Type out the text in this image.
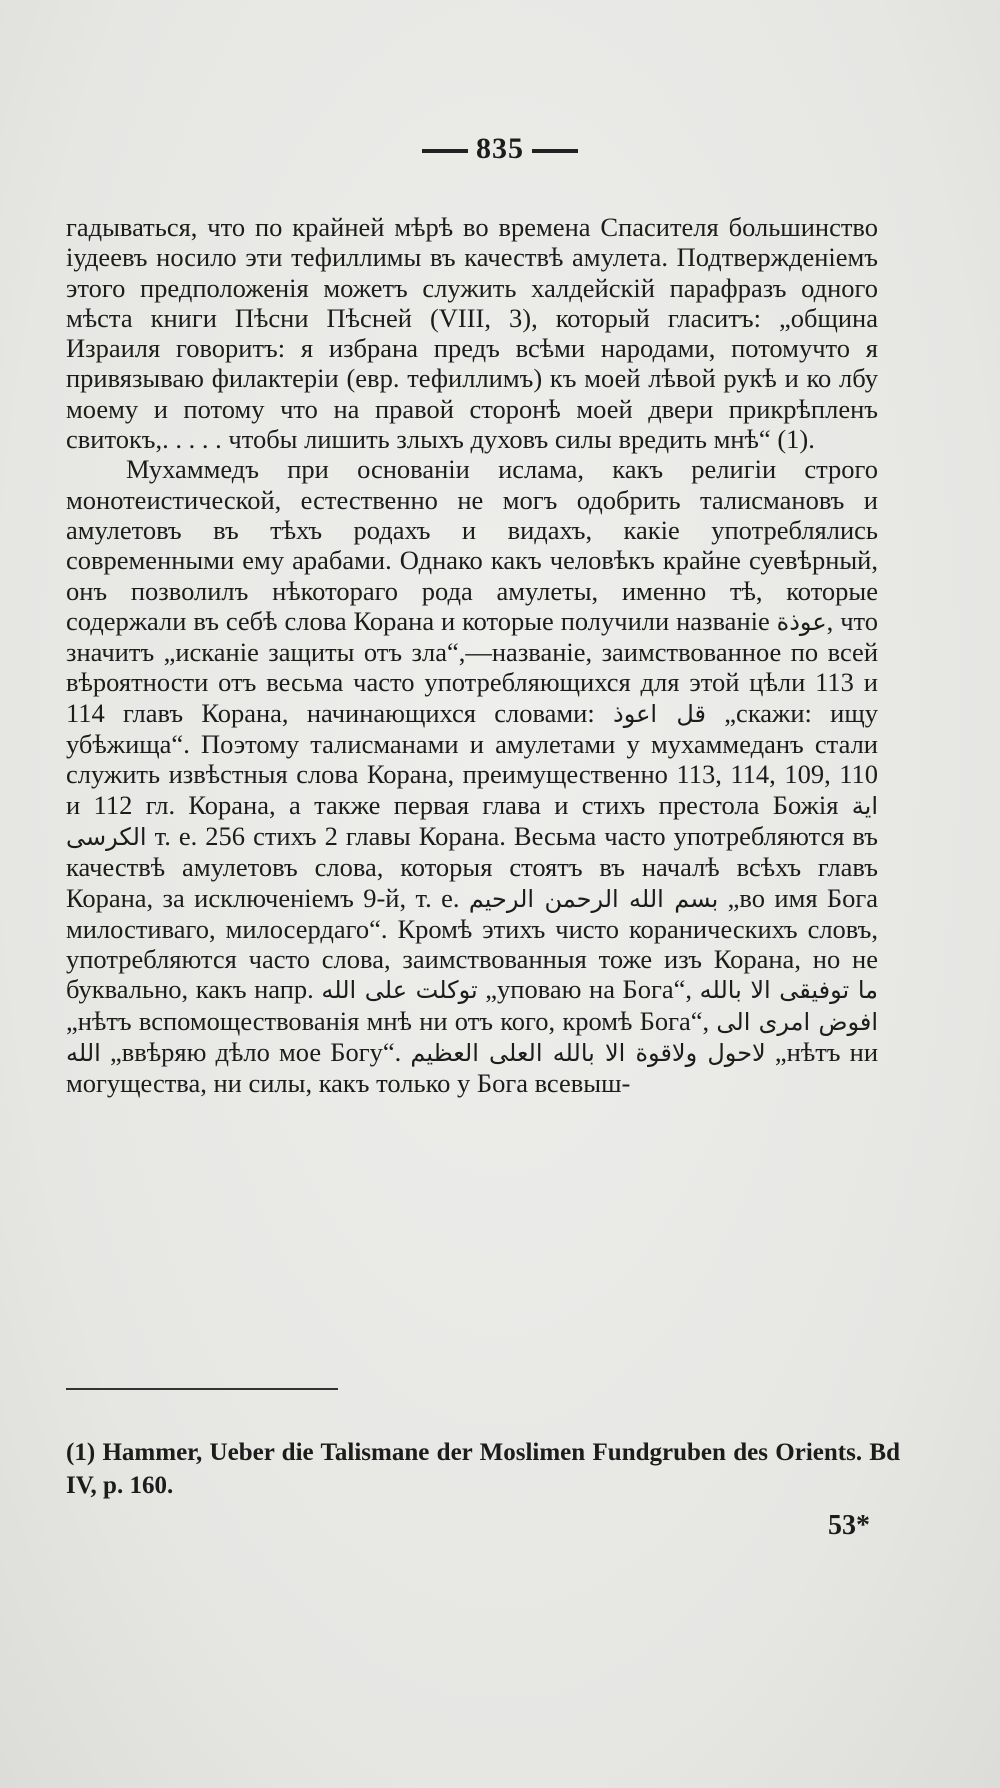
835

гадываться, что по крайней мѣрѣ во времена Спасителя большинство іудеевъ носило эти тефиллимы въ качествѣ амулета. Подтвержденіемъ этого предположенія можетъ служить халдейскій парафразъ одного мѣста книги Пѣсни Пѣсней (VIII, 3), который гласитъ: „община Израиля говоритъ: я избрана предъ всѣми народами, потомучто я привязываю филактеріи (евр. тефиллимъ) къ моей лѣвой рукѣ и ко лбу моему и потому что на правой сторонѣ моей двери прикрѣпленъ свитокъ,. . . . . чтобы лишить злыхъ духовъ силы вредить мнѣ“ (1).

Мухаммедъ при основаніи ислама, какъ религіи строго монотеистической, естественно не могъ одобрить талисмановъ и амулетовъ въ тѣхъ родахъ и видахъ, какіе употреблялись современными ему арабами. Однако какъ человѣкъ крайне суевѣрный, онъ позволилъ нѣкотораго рода амулеты, именно тѣ, которые содержали въ себѣ слова Корана и которые получили названіе عوذة, что значитъ „исканіе защиты отъ зла“,—названіе, заимствованное по всей вѣроятности отъ весьма часто употребляющихся для этой цѣли 113 и 114 главъ Корана, начинающихся словами: قل اعوذ „скажи: ищу убѣжища“. Поэтому талисманами и амулетами у мухаммеданъ стали служить извѣстныя слова Корана, преимущественно 113, 114, 109, 110 и 112 гл. Корана, а также первая глава и стихъ престола Божія اية الكرسى т. е. 256 стихъ 2 главы Корана. Весьма часто употребляются въ качествѣ амулетовъ слова, которыя стоятъ въ началѣ всѣхъ главъ Корана, за исключеніемъ 9-й, т. е. بسم الله الرحمن الرحيم „во имя Бога милостиваго, милосердаго“. Кромѣ этихъ чисто кораническихъ словъ, употребляются часто слова, заимствованныя тоже изъ Корана, но не буквально, какъ напр. توكلت على الله „уповаю на Бога“, ما توفيقى الا بالله „нѣтъ вспомоществованія мнѣ ни отъ кого, кромѣ Бога“, افوض امرى الى الله „ввѣряю дѣло мое Богу“. لاحول ولاقوة الا بالله العلى العظيم „нѣтъ ни могущества, ни силы, какъ только у Бога всевыш-

(1) Hammer, Ueber die Talismane der Moslimen Fundgruben des Orients. Bd IV, p. 160.
53*
